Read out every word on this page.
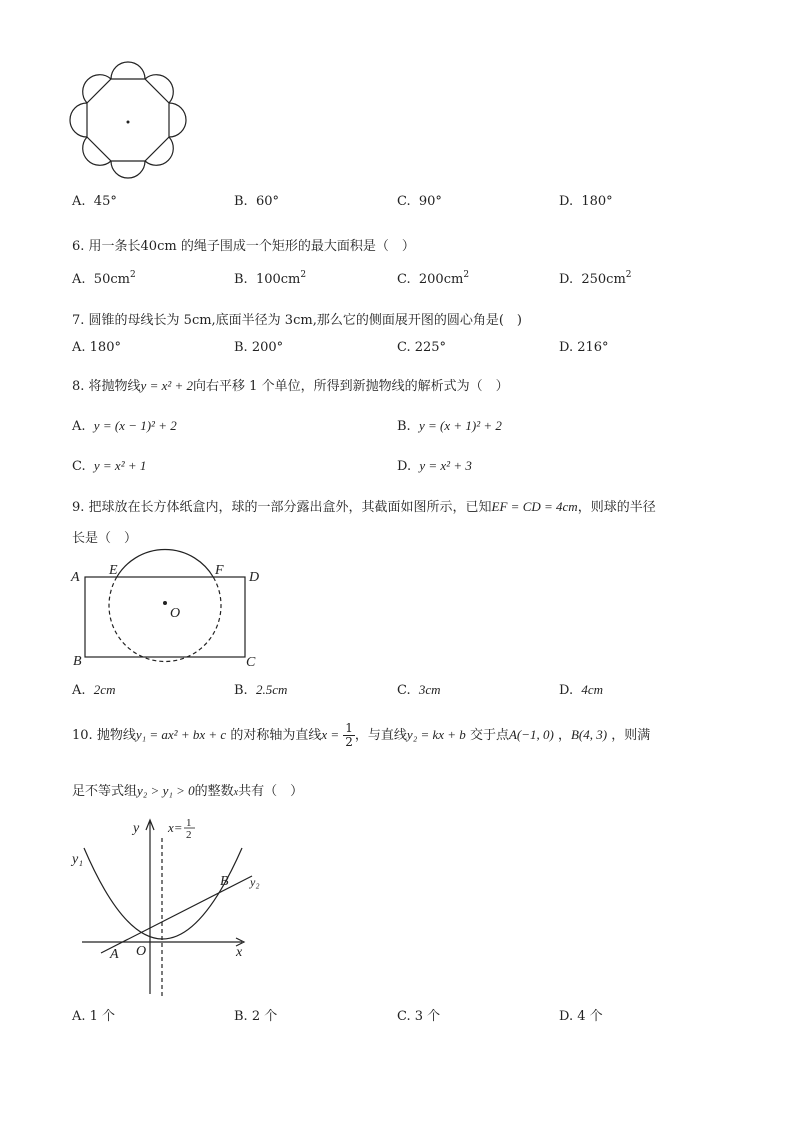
A. 45°	B. 60°	C. 90°	D. 180°
6. 用一条长40cm 的绳子围成一个矩形的最大面积是（　）
A. $50cm^2$	B. $100cm^2$	C. $200cm^2$	D. $250cm^2$
7. 圆锥的母线长为 5cm,底面半径为 3cm,那么它的侧面展开图的圆心角是(　)
A. 180°	B. 200°	C. 225°	D. 216°
8. 将抛物线y = x² + 2向右平移 1 个单位，所得到新抛物线的解析式为（　）
A. y = (x − 1)² + 2	B. y = (x + 1)² + 2
C. y = x² + 1	D. y = x² + 3
9. 把球放在长方体纸盒内，球的一部分露出盒外，其截面如图所示，已知EF = CD = 4cm，则球的半径
长是（　）
A E	F D
O
B	C
A. 2cm	B. 2.5cm	C. 3cm	D. 4cm
10. 抛物线y₁ = ax² + bx + c 的对称轴为直线$x = \frac{1}{2}$ ，与直线y₂ = kx + b 交于点A(−1, 0) ，B(4, 3) ，则满
足不等式组y₂ > y₁ > 0的整数x共有（　）
y
x
O
A
B
y₁
y₂
x= 1
2
A. 1 个	B. 2 个	C. 3 个	D. 4 个
